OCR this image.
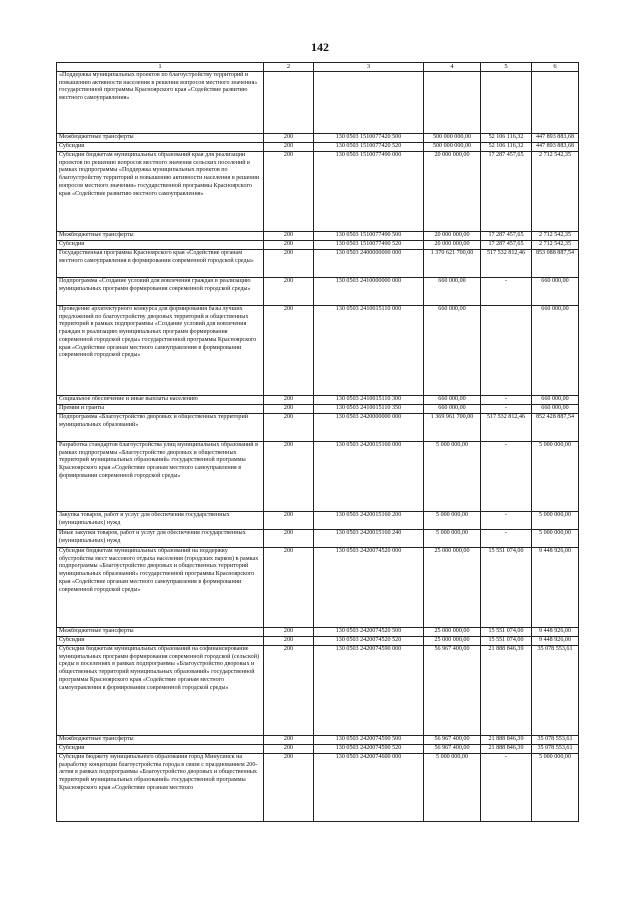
142
1	2	3	4	5	6
«Поддержка муниципальных проектов по благоустройству территорий и повышению активности населения в решении вопросов местного значения» государственной программы Красноярского края «Содействие развитию местного самоуправления»					
Межбюджетные трансферты	200	130 0503 1510077420 500	500 000 000,00	52 106 116,32	447 893 883,68
Субсидии	200	130 0503 1510077420 520	500 000 000,00	52 106 116,32	447 893 883,68
Субсидии бюджетам муниципальных образований края для реализации проектов по решению вопросов местного значения сельских поселений в рамках подпрограммы «Поддержка муниципальных проектов по благоустройству территорий и повышению активности населения в решении вопросов местного значения» государственной программы Красноярского края «Содействие развитию местного самоуправления»	200	130 0503 1510077490 000	20 000 000,00	17 287 457,65	2 712 542,35
Межбюджетные трансферты	200	130 0503 1510077490 500	20 000 000,00	17 287 457,65	2 712 542,35
Субсидии	200	130 0503 1510077490 520	20 000 000,00	17 287 457,65	2 712 542,35
Государственная программа Красноярского края «Содействие органам местного самоуправления в формировании современной городской среды»	200	130 0503 2400000000 000	1 370 621 700,00	517 532 812,46	853 088 887,54
Подпрограмма «Создание условий для вовлечения граждан в реализацию муниципальных программ формирования современной городской среды»	200	130 0503 2410000000 000	660 000,00	-	660 000,00
Проведение архитектурного конкурса для формирования базы лучших предложений по благоустройству дворовых территорий и общественных территорий в рамках подпрограммы «Создание условий для вовлечения граждан в реализацию муниципальных программ формирования современной городской среды» государственной программы Красноярского края «Содействие органам местного самоуправления в формировании современной городской среды»	200	130 0503 2410015110 000	660 000,00		660 000,00
Социальное обеспечение и иные выплаты населению	200	130 0503 2410015110 300	660 000,00	-	660 000,00
Премии и гранты	200	130 0503 2410015110 350	660 000,00	-	660 000,00
Подпрограмма «Благоустройство дворовых и общественных территорий муниципальных образований»	200	130 0503 2420000000 000	1 369 961 700,00	517 532 812,46	852 428 887,54
Разработка стандартов благоустройства улиц муниципальных образований в рамках подпрограммы «Благоустройство дворовых и общественных территорий муниципальных образований» государственной программы Красноярского края «Содействие органам местного самоуправления в формировании современной городской среды»	200	130 0503 2420015160 000	5 000 000,00	-	5 000 000,00
Закупка товаров, работ и услуг для обеспечения государственных (муниципальных) нужд	200	130 0503 2420015160 200	5 000 000,00	-	5 000 000,00
Иные закупки товаров, работ и услуг для обеспечения государственных (муниципальных) нужд	200	130 0503 2420015160 240	5 000 000,00	-	5 000 000,00
Субсидии бюджетам муниципальных образований на поддержку обустройства мест массового отдыха населения (городских парков) в рамках подпрограммы «Благоустройство дворовых и общественных территорий муниципальных образований» государственной программы Красноярского края «Содействие органам местного самоуправления в формировании современной городской среды»	200	130 0503 2420074520 000	25 000 000,00	15 551 074,00	9 448 926,00
Межбюджетные трансферты	200	130 0503 2420074520 500	25 000 000,00	15 551 074,00	9 448 926,00
Субсидии	200	130 0503 2420074520 520	25 000 000,00	15 551 074,00	9 448 926,00
Субсидии бюджетам муниципальных образований на софинансирование муниципальных программ формирования современной городской (сельской) среды в поселениях в рамках подпрограммы «Благоустройство дворовых и общественных территорий муниципальных образований» государственной программы Красноярского края «Содействие органам местного самоуправления в формировании современной городской среды»	200	130 0503 2420074590 000	56 967 400,00	21 888 846,39	35 078 553,61
Межбюджетные трансферты	200	130 0503 2420074590 500	56 967 400,00	21 888 846,39	35 078 553,61
Субсидии	200	130 0503 2420074590 520	56 967 400,00	21 888 846,39	35 078 553,61
Субсидия бюджету муниципального образования город Минусинск на разработку концепции благоустройства города в связи с празднованием 200-летия в рамках подпрограммы «Благоустройство дворовых и общественных территорий муниципальных образований» государственной программы Красноярского края «Содействие органам местного	200	130 0503 2420074600 000	5 000 000,00	-	5 000 000,00
